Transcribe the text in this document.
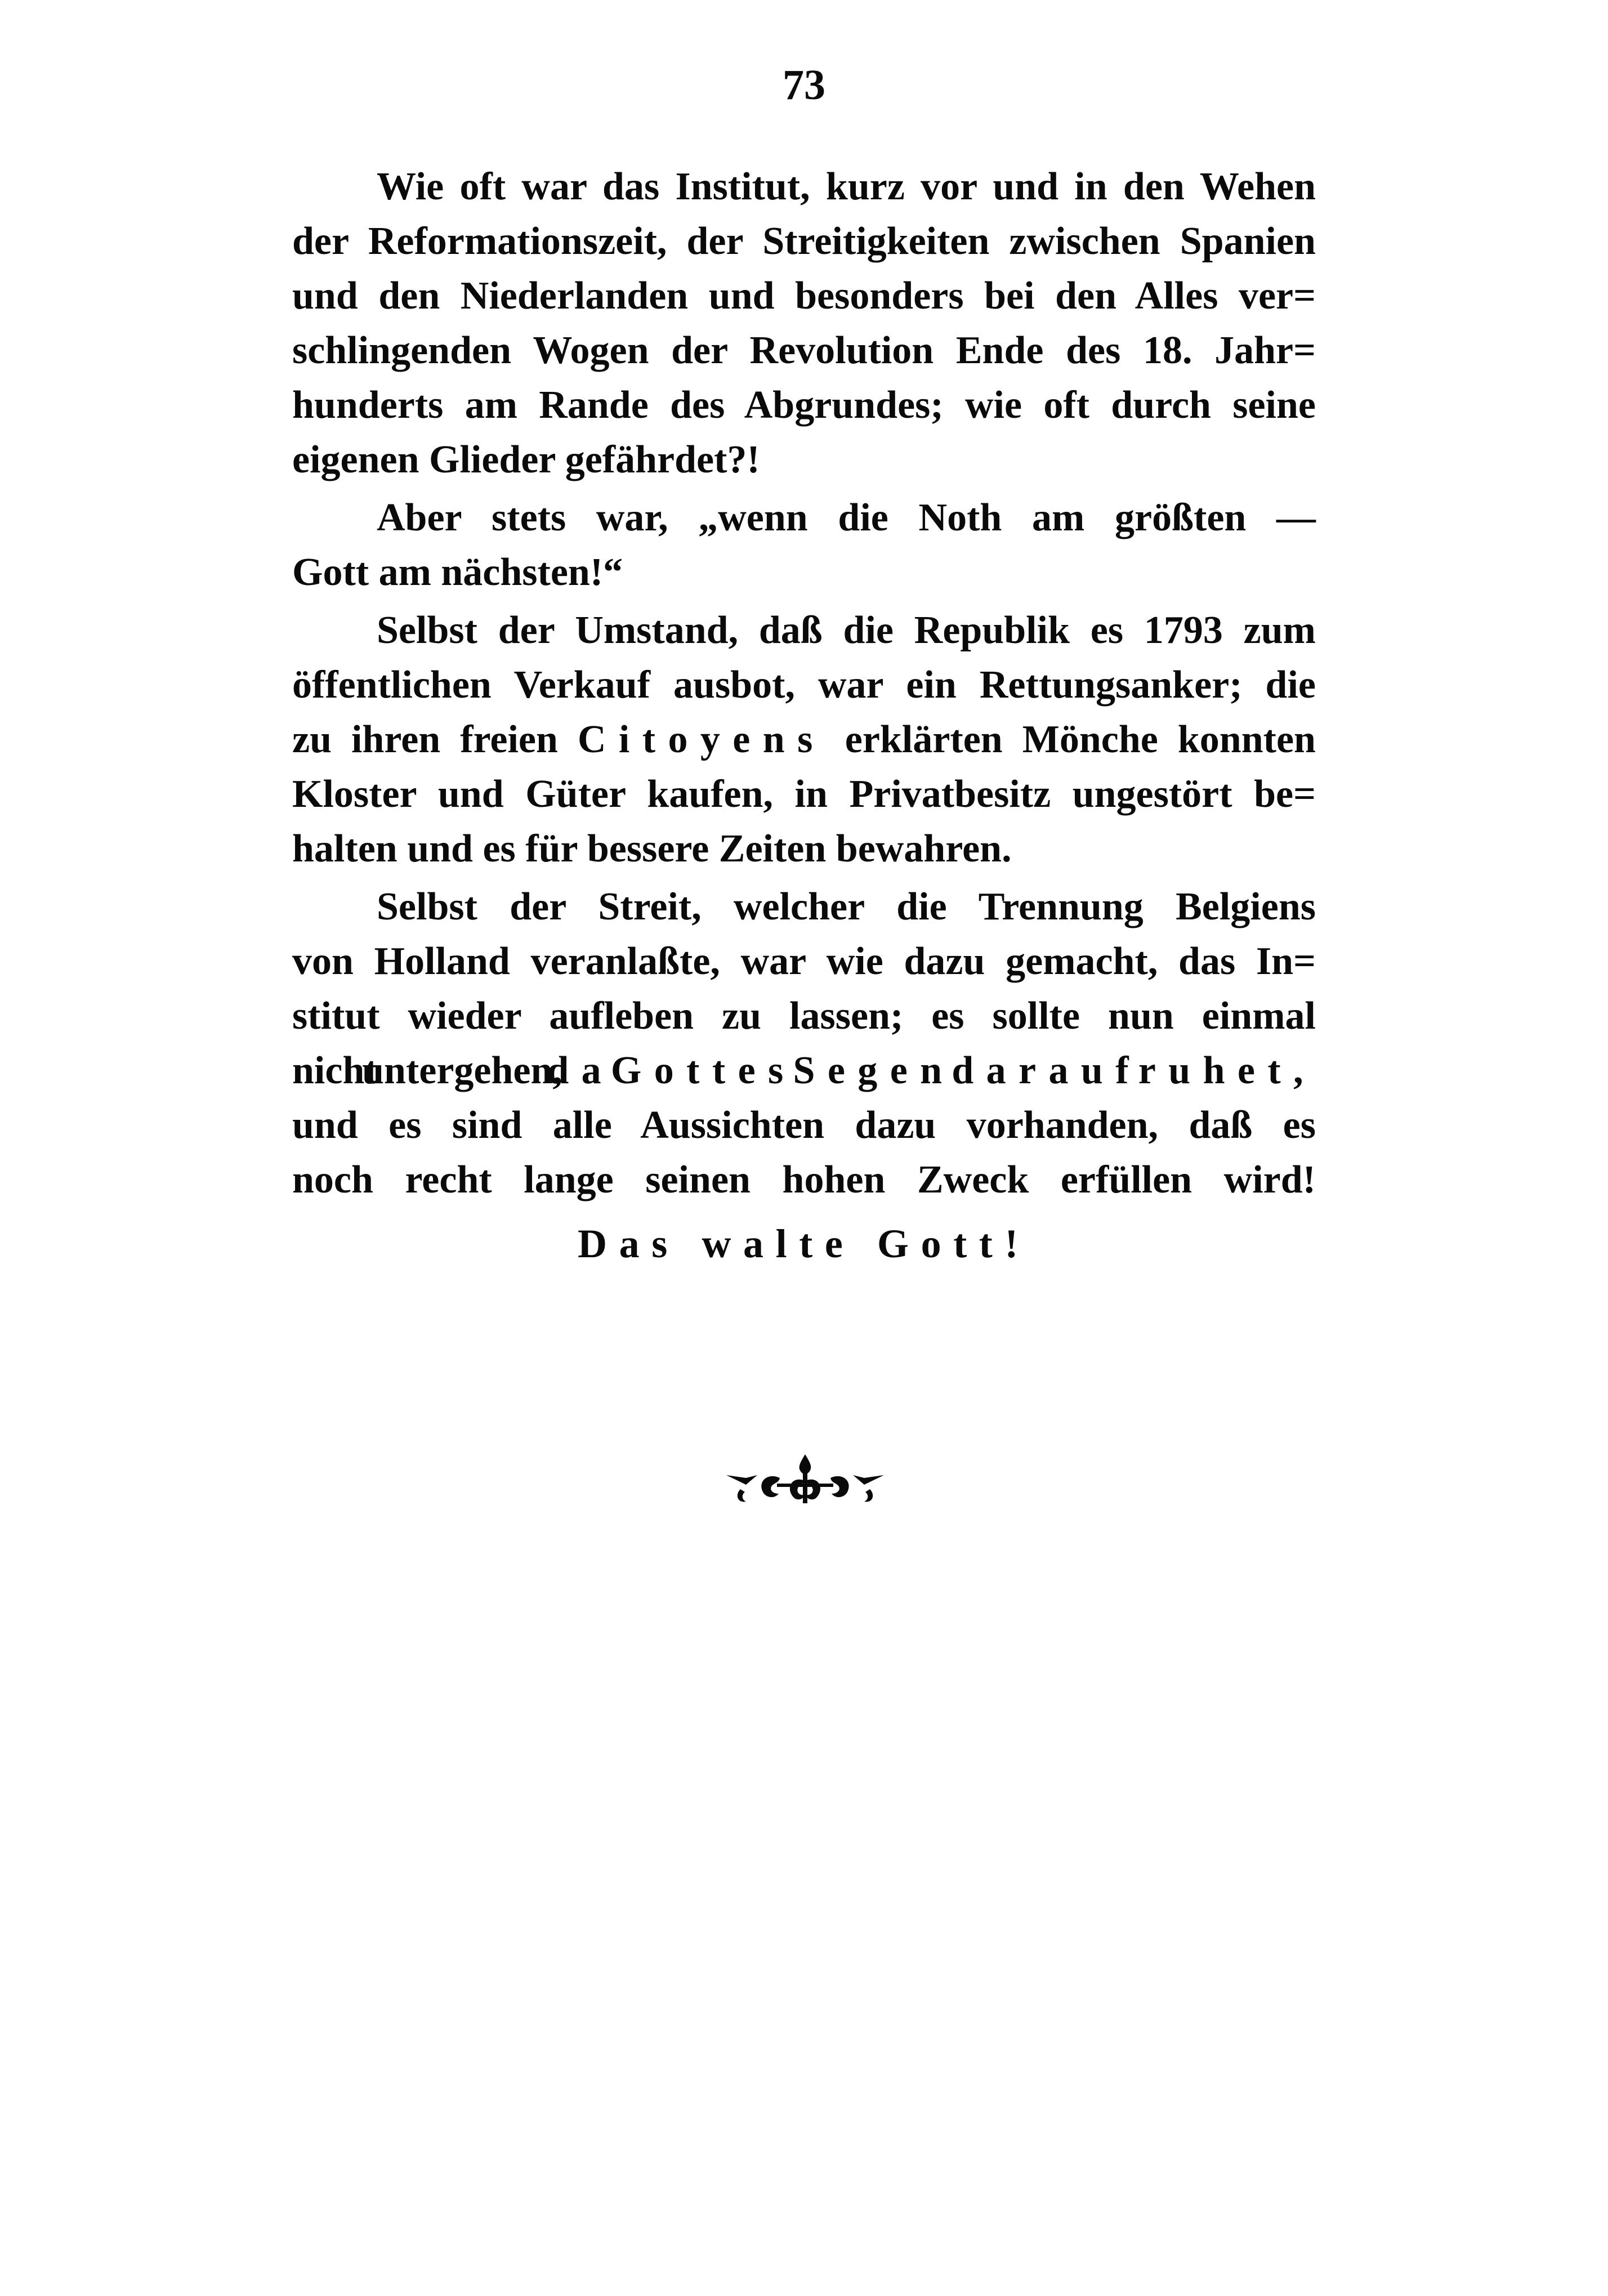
73
Wie oft war das Institut, kurz vor und in den Wehen
der Reformationszeit, der Streitigkeiten zwischen Spanien
und den Niederlanden und besonders bei den Alles ver=
schlingenden Wogen der Revolution Ende des 18. Jahr=
hunderts am Rande des Abgrundes; wie oft durch seine
eigenen Glieder gefährdet?!
Aber stets war, „wenn die Noth am größten —
Gott am nächsten!“
Selbst der Umstand, daß die Republik es 1793 zum
öffentlichen Verkauf ausbot, war ein Rettungsanker; die
zu ihren freien Citoyens erklärten Mönche konnten
Kloster und Güter kaufen, in Privatbesitz ungestört be=
halten und es für bessere Zeiten bewahren.
Selbst der Streit, welcher die Trennung Belgiens
von Holland veranlaßte, war wie dazu gemacht, das In=
stitut wieder aufleben zu lassen; es sollte nun einmal
nicht untergehen, da Gottes Segen darauf ruhet,
und es sind alle Aussichten dazu vorhanden, daß es
noch recht lange seinen hohen Zweck erfüllen wird!
Das walte Gott!
